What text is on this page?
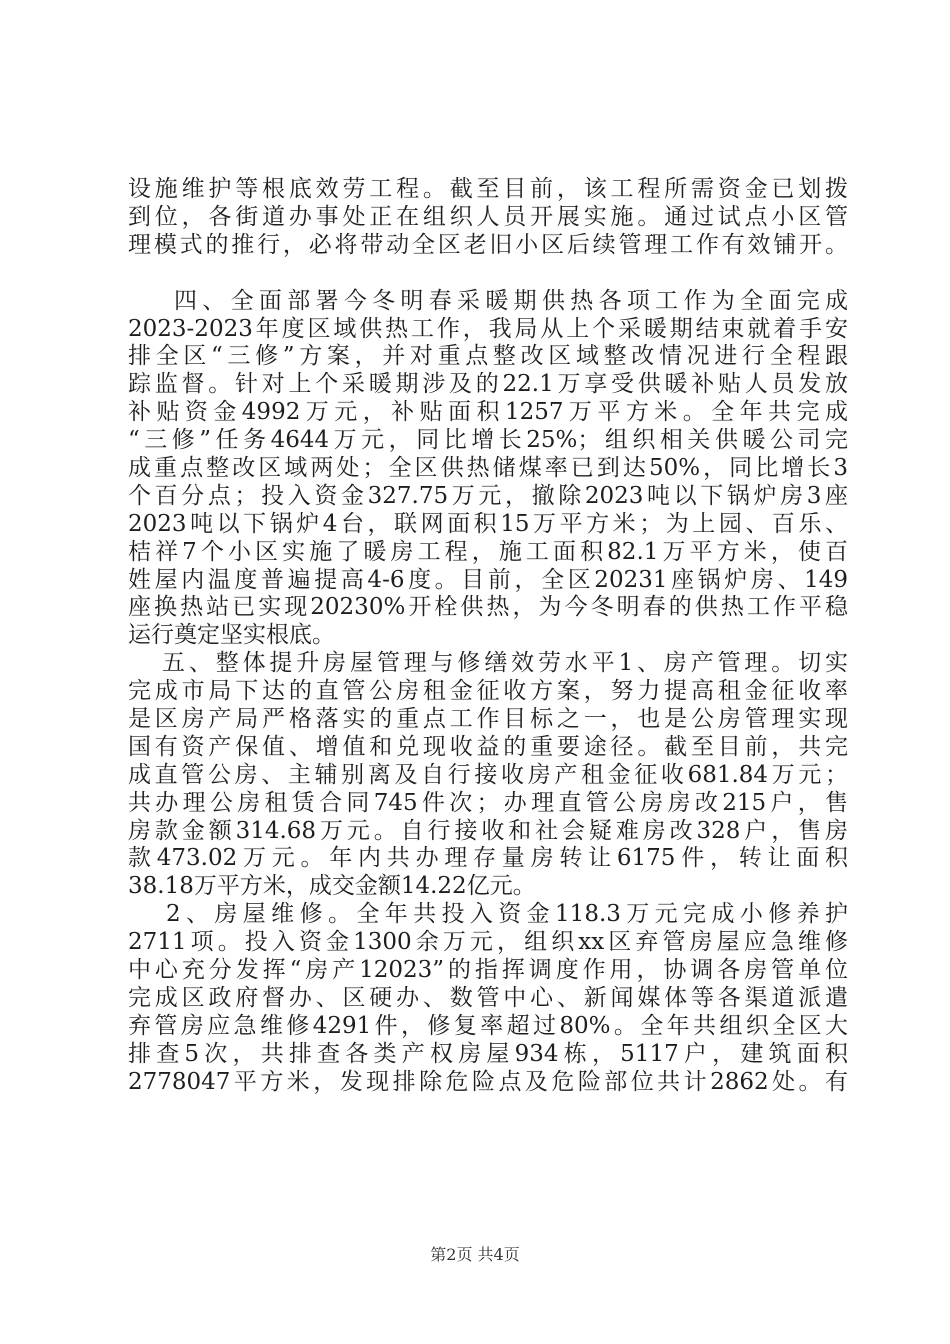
设施维护等根底效劳工程。截至目前，该工程所需资金已划拨
到位，各街道办事处正在组织人员开展实施。通过试点小区管
理模式的推行，必将带动全区老旧小区后续管理工作有效铺开。
四、全面部署今冬明春采暖期供热各项工作为全面完成
2023-2023年度区域供热工作，我局从上个采暖期结束就着手安
排全区“三修”方案，并对重点整改区域整改情况进行全程跟
踪监督。针对上个采暖期涉及的22.1万享受供暖补贴人员发放
补贴资金4992万元，补贴面积1257万平方米。全年共完成
“三修”任务4644万元，同比增长25%；组织相关供暖公司完
成重点整改区域两处；全区供热储煤率已到达50%，同比增长3
个百分点；投入资金327.75万元，撤除2023吨以下锅炉房3座
2023吨以下锅炉4台，联网面积15万平方米；为上园、百乐、
桔祥7个小区实施了暖房工程，施工面积82.1万平方米，使百
姓屋内温度普遍提高4-6度。目前，全区20231座锅炉房、149
座换热站已实现20230%开栓供热，为今冬明春的供热工作平稳
运行奠定坚实根底。
五、整体提升房屋管理与修缮效劳水平1、房产管理。切实
完成市局下达的直管公房租金征收方案，努力提高租金征收率
是区房产局严格落实的重点工作目标之一，也是公房管理实现
国有资产保值、增值和兑现收益的重要途径。截至目前，共完
成直管公房、主辅别离及自行接收房产租金征收681.84万元；
共办理公房租赁合同745件次；办理直管公房房改215户，售
房款金额314.68万元。自行接收和社会疑难房改328户，售房
款473.02万元。年内共办理存量房转让6175件，转让面积
38.18万平方米，成交金额14.22亿元。
2、房屋维修。全年共投入资金118.3万元完成小修养护
2711项。投入资金1300余万元，组织xx区弃管房屋应急维修
中心充分发挥“房产12023”的指挥调度作用，协调各房管单位
完成区政府督办、区硬办、数管中心、新闻媒体等各渠道派遣
弃管房应急维修4291件，修复率超过80%。全年共组织全区大
排查5次，共排查各类产权房屋934栋，5117户，建筑面积
2778047平方米，发现排除危险点及危险部位共计2862处。有
第2页 共4页
